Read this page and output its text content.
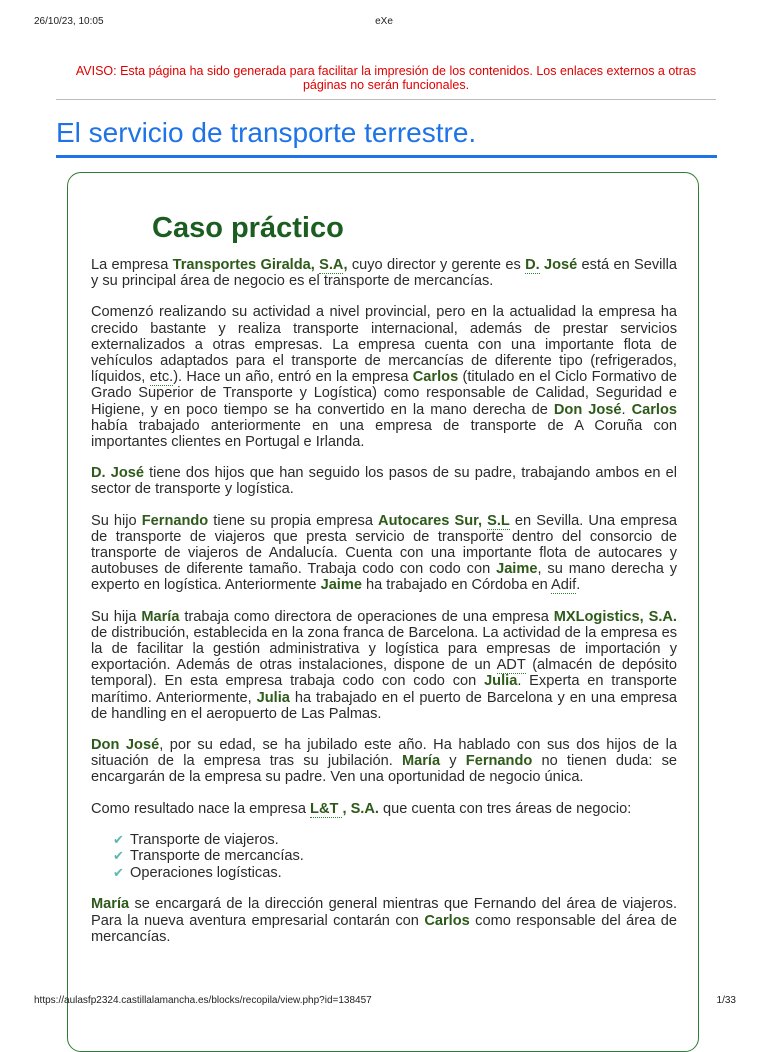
26/10/23, 10:05	eXe
AVISO: Esta página ha sido generada para facilitar la impresión de los contenidos. Los enlaces externos a otras páginas no serán funcionales.
El servicio de transporte terrestre.
Caso práctico

La empresa Transportes Giralda, S.A, cuyo director y gerente es D. José está en Sevilla y su principal área de negocio es el transporte de mercancías.

Comenzó realizando su actividad a nivel provincial, pero en la actualidad la empresa ha crecido bastante y realiza transporte internacional, además de prestar servicios externalizados a otras empresas. La empresa cuenta con una importante flota de vehículos adaptados para el transporte de mercancías de diferente tipo (refrigerados, líquidos, etc.). Hace un año, entró en la empresa Carlos (titulado en el Ciclo Formativo de Grado Superior de Transporte y Logística) como responsable de Calidad, Seguridad e Higiene, y en poco tiempo se ha convertido en la mano derecha de Don José. Carlos había trabajado anteriormente en una empresa de transporte de A Coruña con importantes clientes en Portugal e Irlanda.

D. José tiene dos hijos que han seguido los pasos de su padre, trabajando ambos en el sector de transporte y logística.

Su hijo Fernando tiene su propia empresa Autocares Sur, S.L en Sevilla. Una empresa de transporte de viajeros que presta servicio de transporte dentro del consorcio de transporte de viajeros de Andalucía. Cuenta con una importante flota de autocares y autobuses de diferente tamaño. Trabaja codo con codo con Jaime, su mano derecha y experto en logística. Anteriormente Jaime ha trabajado en Córdoba en Adif.

Su hija María trabaja como directora de operaciones de una empresa MXLogistics, S.A. de distribución, establecida en la zona franca de Barcelona. La actividad de la empresa es la de facilitar la gestión administrativa y logística para empresas de importación y exportación. Además de otras instalaciones, dispone de un ADT (almacén de depósito temporal). En esta empresa trabaja codo con codo con Julia. Experta en transporte marítimo. Anteriormente, Julia ha trabajado en el puerto de Barcelona y en una empresa de handling en el aeropuerto de Las Palmas.

Don José, por su edad, se ha jubilado este año. Ha hablado con sus dos hijos de la situación de la empresa tras su jubilación. María y Fernando no tienen duda: se encargarán de la empresa su padre. Ven una oportunidad de negocio única.

Como resultado nace la empresa L&T , S.A. que cuenta con tres áreas de negocio:

✔ Transporte de viajeros.
✔ Transporte de mercancías.
✔ Operaciones logísticas.

María se encargará de la dirección general mientras que Fernando del área de viajeros. Para la nueva aventura empresarial contarán con Carlos como responsable del área de mercancías.

https://aulasfp2324.castillalamancha.es/blocks/recopila/view.php?id=138457	1/33
